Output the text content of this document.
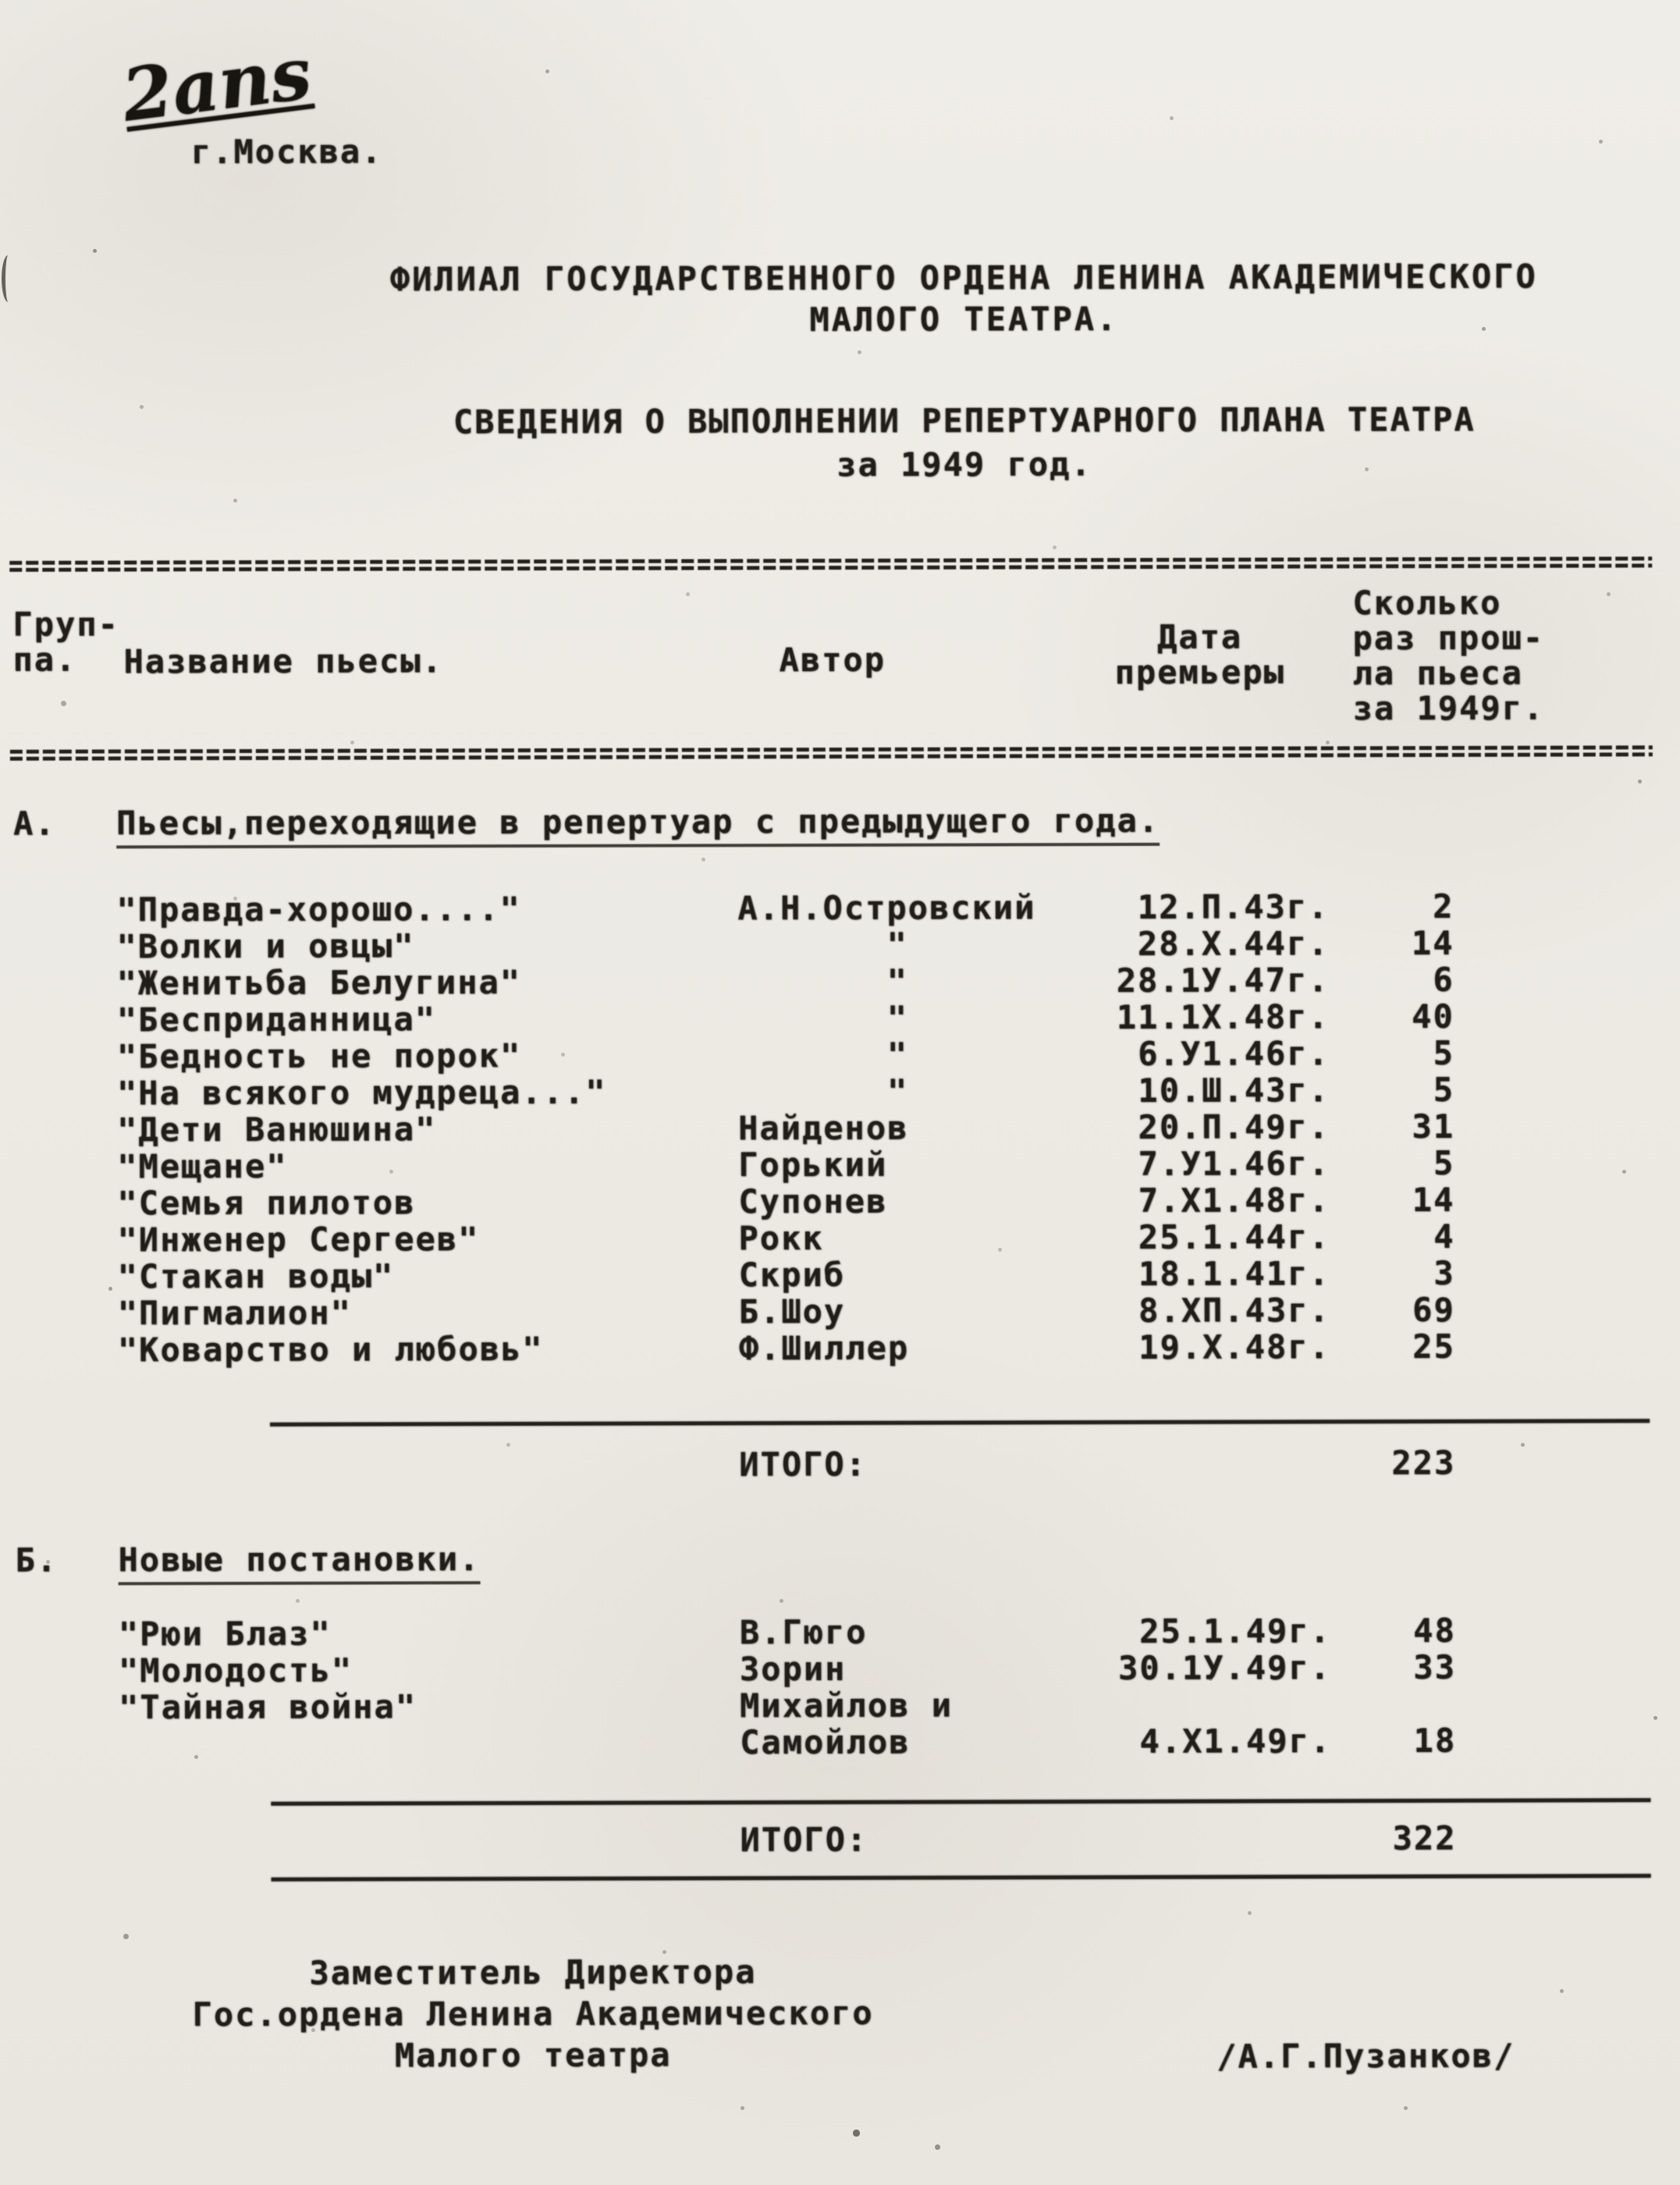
2ans
г.Москва.
ФИЛИАЛ ГОСУДАРСТВЕННОГО ОРДЕНА ЛЕНИНА АКАДЕМИЧЕСКОГО
МАЛОГО ТЕАТРА.
СВЕДЕНИЯ О ВЫПОЛНЕНИИ РЕПЕРТУАРНОГО ПЛАНА ТЕАТРА
за 1949 год.
Груп-
па.	Название пьесы.	Автор
Дата
премьеры
Сколько
раз прош-
ла пьеса
за 1949г.
А. Пьесы,переходящие в репертуар с предыдущего года.
"Правда-хорошо...."	А.Н.Островский	12.П.43г.	2
"Волки и овцы"	"	28.Х.44г.	14
"Женитьба Белугина"	"	28.1У.47г.	6
"Бесприданница"	"	11.1Х.48г.	40
"Бедность не порок"	"	6.У1.46г.	5
"На всякого мудреца..."	"	10.Ш.43г.	5
"Дети Ванюшина"	Найденов	20.П.49г.	31
"Мещане"	Горький	7.У1.46г.	5
"Семья пилотов	Супонев	7.Х1.48г.	14
"Инженер Сергеев"	Рокк	25.1.44г.	4
"Стакан воды"	Скриб	18.1.41г.	3
"Пигмалион"	Б.Шоу	8.ХП.43г.	69
"Коварство и любовь"	Ф.Шиллер	19.Х.48г.	25
ИТОГО:	223
Б. Новые постановки.
"Рюи Блаз"	В.Гюго	25.1.49г.	48
"Молодость"	Зорин	30.1У.49г.	33
"Тайная война"	Михайлов и
Самойлов	4.Х1.49г.	18
ИТОГО:	322
Заместитель Директора
Гос.ордена Ленина Академического
Малого театра	/А.Г.Пузанков/
